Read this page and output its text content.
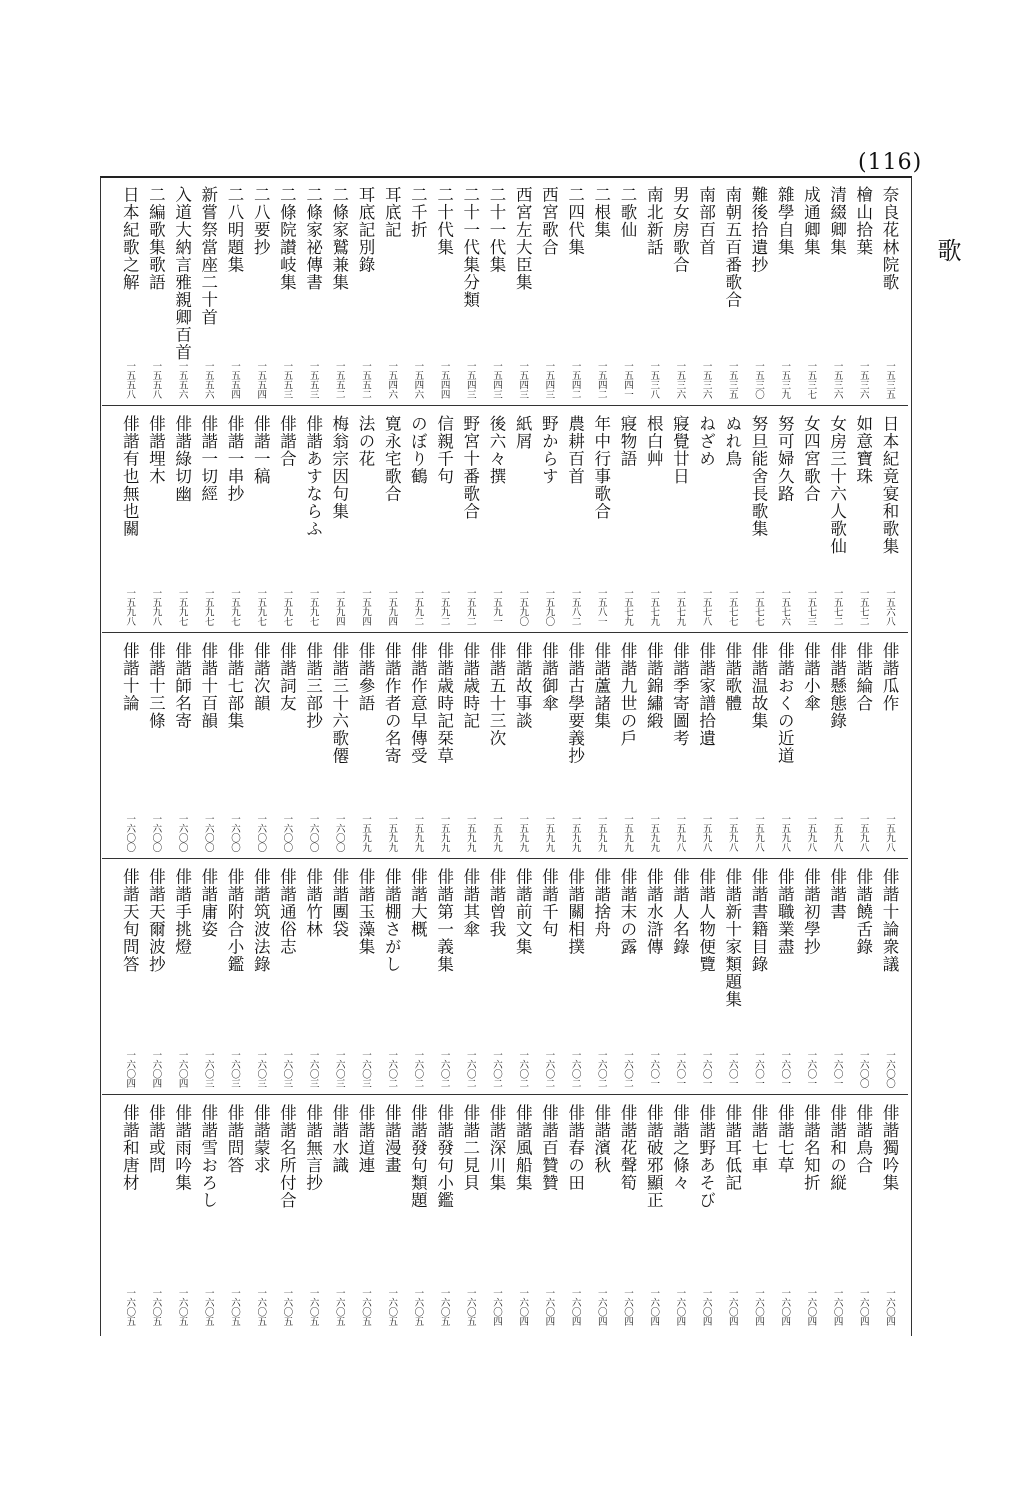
(116)
歌
奈良花林院歌
一五三五
檜山拾葉
一五三六
清綴卿集
一五三六
成通卿集
一五三七
雜學自集
一五三九
難後拾遺抄
一五三〇
南朝五百番歌合
一五三五
南部百首
一五三六
男女房歌合
一五三六
南北新話
一五三八
二歌仙
一五四一
二根集
一五四二
二四代集
一五四二
西宮歌合
一五四三
西宮左大臣集
一五四三
二十一代集
一五四三
二十一代集分類
一五四三
二十代集
一五四四
二千折
一五四六
耳底記
一五四六
耳底記別錄
一五五二
二條家鷲兼集
一五五二
二條家祕傳書
一五五三
二條院讃岐集
一五五三
二八要抄
一五五四
二八明題集
一五五四
新嘗祭當座二十首
一五五六
入道大納言雅親卿百首
一五五六
二編歌集歌語
一五五八
日本紀歌之解
一五五八
日本紀竟宴和歌集
一五六八
如意寶珠
一五七二
女房三十六人歌仙
一五七二
女四宮歌合
一五七三
努可婦久路
一五七六
努旦能舍長歌集
一五七七
ぬれ鳥
一五七七
ねざめ
一五七八
寢覺廿日
一五七九
根白艸
一五七九
寢物語
一五七九
年中行事歌合
一五八一
農耕百首
一五八二
野からす
一五九〇
紙屑
一五九〇
後六々撰
一五九一
野宮十番歌合
一五九二
信親千句
一五九二
のぼり鶴
一五九二
寛永宅歌合
一五九四
法の花
一五九四
梅翁宗因句集
一五九四
俳諧あすならふ
一五九七
俳諧合
一五九七
俳諧一稿
一五九七
俳諧一串抄
一五九七
俳諧一切經
一五九七
俳諧綠切幽
一五九七
俳諧埋木
一五九八
俳諧有也無也關
一五九八
俳諧瓜作
一五九八
俳諧綸合
一五九八
俳諧懸態錄
一五九八
俳諧小傘
一五九八
俳諧おくの近道
一五九八
俳諧温故集
一五九八
俳諧歌體
一五九八
俳諧家譜拾遺
一五九八
俳諧季寄圖考
一五九八
俳諧錦繡緞
一五九九
俳諧九世の戶
一五九九
俳諧蘆諸集
一五九九
俳諧古學要義抄
一五九九
俳諧御傘
一五九九
俳諧故事談
一五九九
俳諧五十三次
一五九九
俳諧歳時記
一五九九
俳諧歳時記栞草
一五九九
俳諧作意早傳受
一五九九
俳諧作者の名寄
一五九九
俳諧參語
一五九九
俳諧三十六歌僊
一六〇〇
俳諧三部抄
一六〇〇
俳諧詞友
一六〇〇
俳諧次韻
一六〇〇
俳諧七部集
一六〇〇
俳諧十百韻
一六〇〇
俳諧師名寄
一六〇〇
俳諧十三條
一六〇〇
俳諧十論
一六〇〇
俳諧十論衆議
一六〇〇
俳諧饒舌錄
一六〇〇
俳諧書
一六〇一
俳諧初學抄
一六〇一
俳諧職業盡
一六〇一
俳諧書籍目錄
一六〇一
俳諧新十家類題集
一六〇一
俳諧人物便覽
一六〇一
俳諧人名錄
一六〇一
俳諧水滸傳
一六〇一
俳諧末の露
一六〇二
俳諧捨舟
一六〇二
俳諧關相撲
一六〇二
俳諧千句
一六〇二
俳諧前文集
一六〇二
俳諧曾我
一六〇二
俳諧其傘
一六〇二
俳諧第一義集
一六〇二
俳諧大概
一六〇二
俳諧棚さがし
一六〇二
俳諧玉藻集
一六〇三
俳諧團袋
一六〇三
俳諧竹林
一六〇三
俳諧通俗志
一六〇三
俳諧筑波法錄
一六〇三
俳諧附合小鑑
一六〇三
俳諧庸姿
一六〇三
俳諧手挑燈
一六〇四
俳諧天爾波抄
一六〇四
俳諧天旬問答
一六〇四
俳諧獨吟集
一六〇四
俳諧鳥合
一六〇四
俳諧和の縦
一六〇四
俳諧名知折
一六〇四
俳諧七草
一六〇四
俳諧七車
一六〇四
俳諧耳低記
一六〇四
俳諧野あそび
一六〇四
俳諧之條々
一六〇四
俳諧破邪顯正
一六〇四
俳諧花聲筍
一六〇四
俳諧濱秋
一六〇四
俳諧春の田
一六〇四
俳諧百贊贊
一六〇四
俳諧風船集
一六〇四
俳諧深川集
一六〇四
俳諧二見貝
一六〇五
俳諧發句小鑑
一六〇五
俳諧發句類題
一六〇五
俳諧漫畫
一六〇五
俳諧道連
一六〇五
俳諧水識
一六〇五
俳諧無言抄
一六〇五
俳諧名所付合
一六〇五
俳諧蒙求
一六〇五
俳諧問答
一六〇五
俳諧雪おろし
一六〇五
俳諧雨吟集
一六〇五
俳諧或問
一六〇五
俳諧和唐材
一六〇五
